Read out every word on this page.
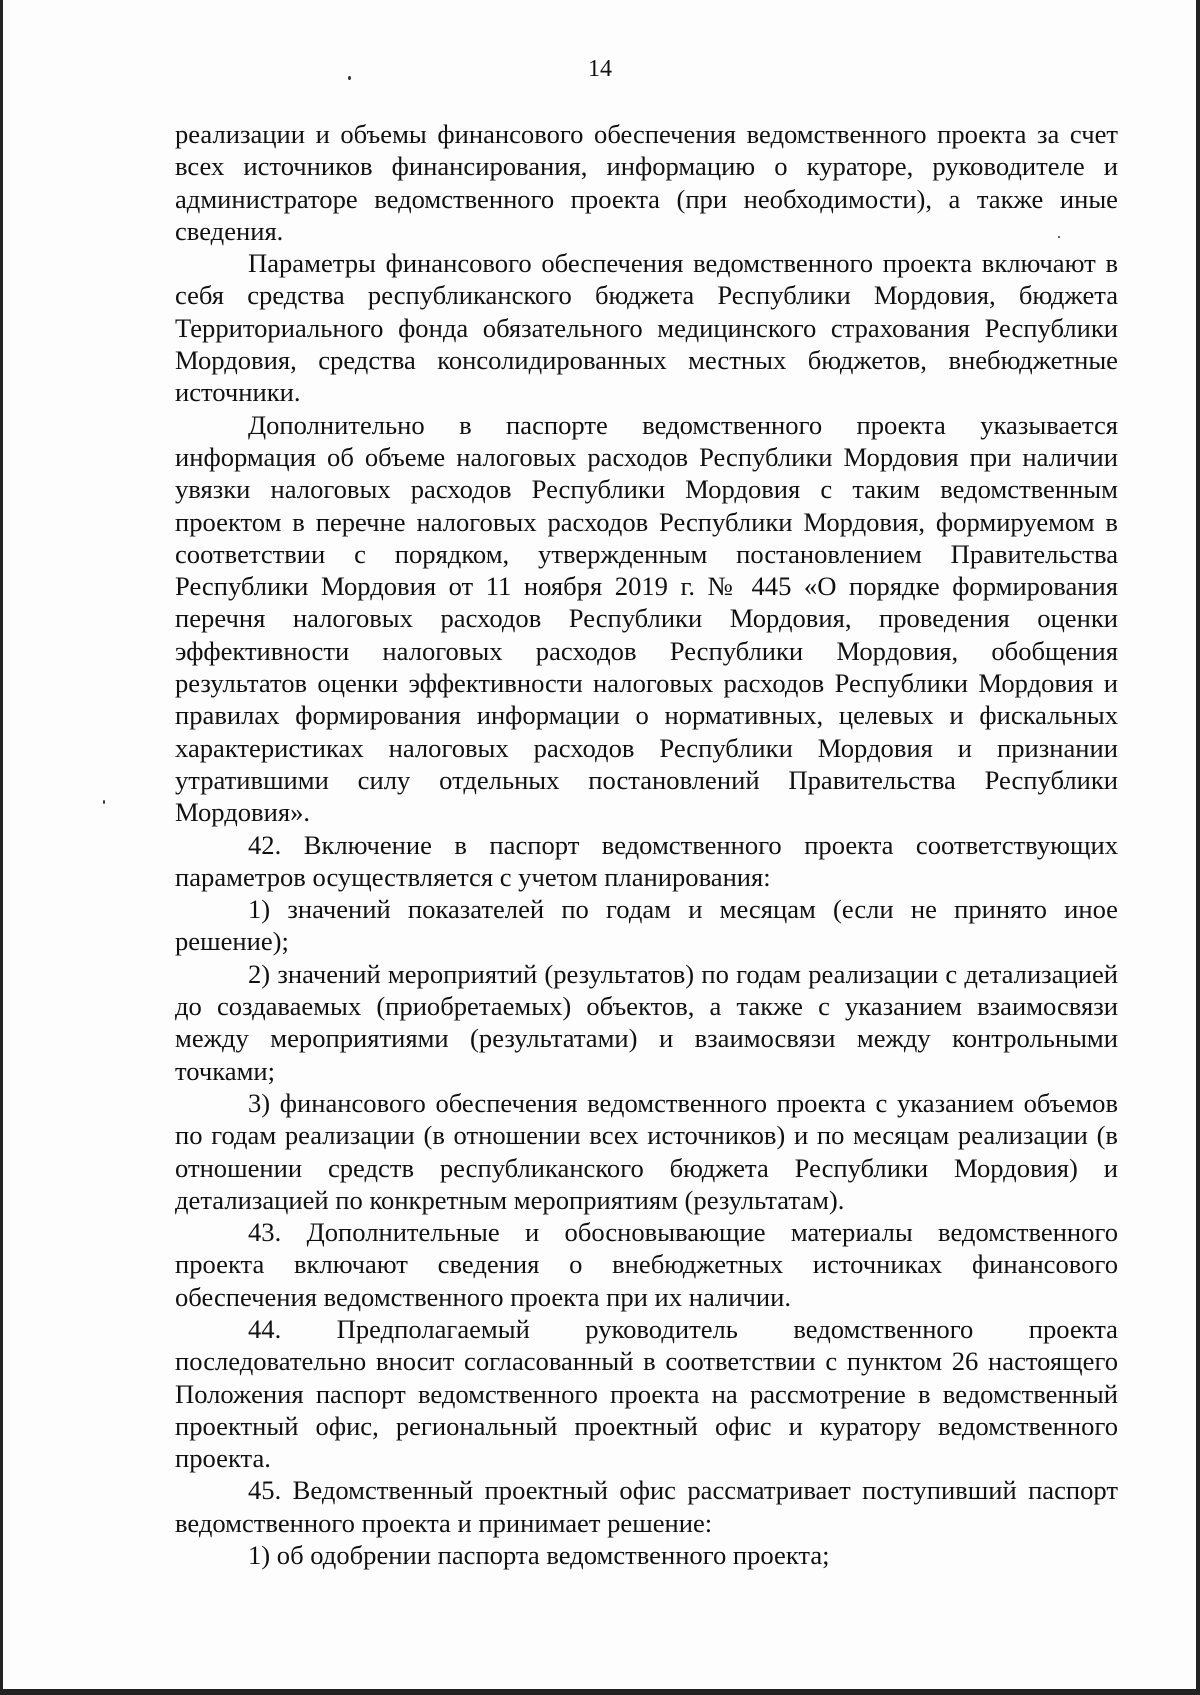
14

реализации и объемы финансового обеспечения ведомственного проекта за счет всех источников финансирования, информацию о кураторе, руководителе и администраторе ведомственного проекта (при необходимости), а также иные сведения.

Параметры финансового обеспечения ведомственного проекта включают в себя средства республиканского бюджета Республики Мордовия, бюджета Территориального фонда обязательного медицинского страхования Республики Мордовия, средства консолидированных местных бюджетов, внебюджетные источники.

Дополнительно в паспорте ведомственного проекта указывается информация об объеме налоговых расходов Республики Мордовия при наличии увязки налоговых расходов Республики Мордовия с таким ведомственным проектом в перечне налоговых расходов Республики Мордовия, формируемом в соответствии с порядком, утвержденным постановлением Правительства Республики Мордовия от 11 ноября 2019 г. № 445 «О порядке формирования перечня налоговых расходов Республики Мордовия, проведения оценки эффективности налоговых расходов Республики Мордовия, обобщения результатов оценки эффективности налоговых расходов Республики Мордовия и правилах формирования информации о нормативных, целевых и фискальных характеристиках налоговых расходов Республики Мордовия и признании утратившими силу отдельных постановлений Правительства Республики Мордовия».

42. Включение в паспорт ведомственного проекта соответствующих параметров осуществляется с учетом планирования:

1) значений показателей по годам и месяцам (если не принято иное решение);

2) значений мероприятий (результатов) по годам реализации с детализацией до создаваемых (приобретаемых) объектов, а также с указанием взаимосвязи между мероприятиями (результатами) и взаимосвязи между контрольными точками;

3) финансового обеспечения ведомственного проекта с указанием объемов по годам реализации (в отношении всех источников) и по месяцам реализации (в отношении средств республиканского бюджета Республики Мордовия) и детализацией по конкретным мероприятиям (результатам).

43. Дополнительные и обосновывающие материалы ведомственного проекта включают сведения о внебюджетных источниках финансового обеспечения ведомственного проекта при их наличии.

44. Предполагаемый руководитель ведомственного проекта последовательно вносит согласованный в соответствии с пунктом 26 настоящего Положения паспорт ведомственного проекта на рассмотрение в ведомственный проектный офис, региональный проектный офис и куратору ведомственного проекта.

45. Ведомственный проектный офис рассматривает поступивший паспорт ведомственного проекта и принимает решение:

1) об одобрении паспорта ведомственного проекта;
